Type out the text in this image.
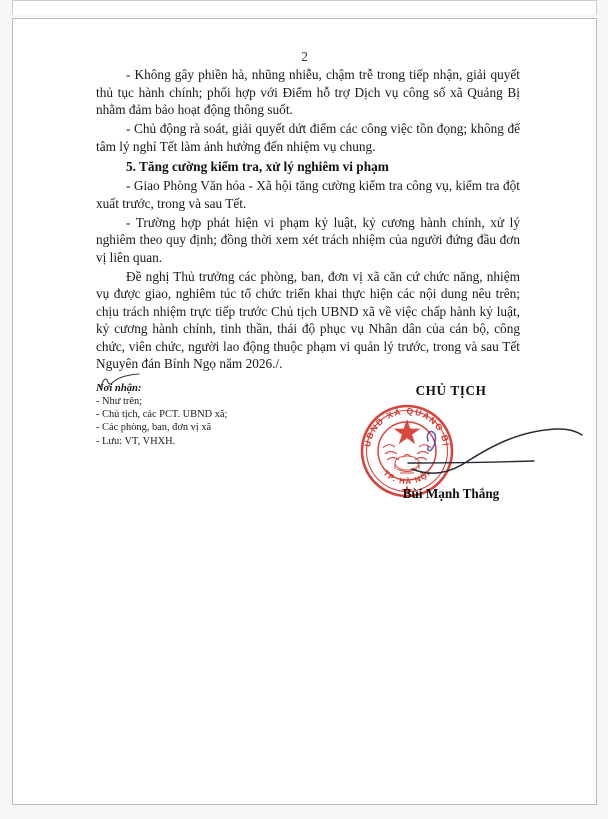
2

- Không gây phiền hà, nhũng nhiễu, chậm trễ trong tiếp nhận, giải quyết thủ tục hành chính; phối hợp với Điểm hỗ trợ Dịch vụ công số xã Quảng Bị nhằm đảm bảo hoạt động thông suốt.

- Chủ động rà soát, giải quyết dứt điểm các công việc tồn đọng; không để tâm lý nghỉ Tết làm ảnh hưởng đến nhiệm vụ chung.

5. Tăng cường kiểm tra, xử lý nghiêm vi phạm

- Giao Phòng Văn hóa - Xã hội tăng cường kiểm tra công vụ, kiểm tra đột xuất trước, trong và sau Tết.

- Trường hợp phát hiện vi phạm kỷ luật, kỷ cương hành chính, xử lý nghiêm theo quy định; đồng thời xem xét trách nhiệm của người đứng đầu đơn vị liên quan.

Đề nghị Thủ trưởng các phòng, ban, đơn vị xã căn cứ chức năng, nhiệm vụ được giao, nghiêm túc tổ chức triển khai thực hiện các nội dung nêu trên; chịu trách nhiệm trực tiếp trước Chủ tịch UBND xã về việc chấp hành kỷ luật, kỷ cương hành chính, tinh thần, thái độ phục vụ Nhân dân của cán bộ, công chức, viên chức, người lao động thuộc phạm vi quản lý trước, trong và sau Tết Nguyên đán Bính Ngọ năm 2026./.

Nơi nhận:
- Như trên;
- Chủ tịch, các PCT. UBND xã;
- Các phòng, ban, đơn vị xã
- Lưu: VT, VHXH.
CHỦ TỊCH
UBND XÃ QUẢNG BỊ
TP. HÀ NỘI
Bùi Mạnh Thắng
